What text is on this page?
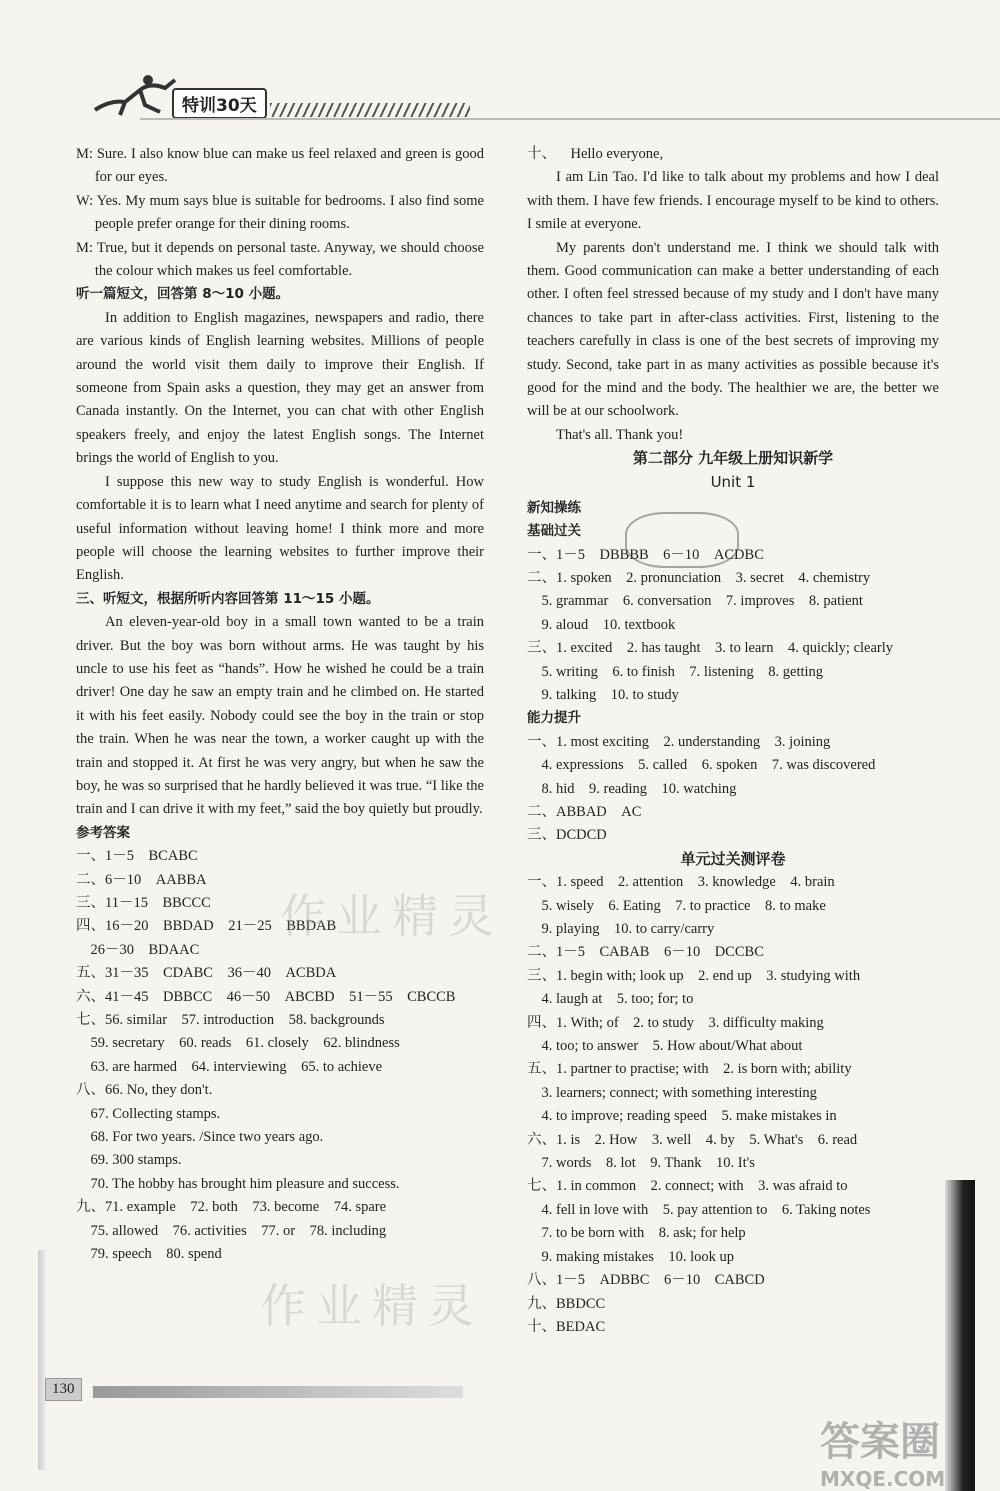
特训30天

M: Sure. I also know blue can make us feel relaxed and green is good for our eyes.

W: Yes. My mum says blue is suitable for bedrooms. I also find some people prefer orange for their dining rooms.

M: True, but it depends on personal taste. Anyway, we should choose the colour which makes us feel comfortable.

听一篇短文，回答第 8～10 小题。

In addition to English magazines, newspapers and radio, there are various kinds of English learning websites. Millions of people around the world visit them daily to improve their English. If someone from Spain asks a question, they may get an answer from Canada instantly. On the Internet, you can chat with other English speakers freely, and enjoy the latest English songs. The Internet brings the world of English to you.

I suppose this new way to study English is wonderful. How comfortable it is to learn what I need anytime and search for plenty of useful information without leaving home! I think more and more people will choose the learning websites to further improve their English.

三、听短文，根据所听内容回答第 11～15 小题。

An eleven-year-old boy in a small town wanted to be a train driver. But the boy was born without arms. He was taught by his uncle to use his feet as “hands”. How he wished he could be a train driver! One day he saw an empty train and he climbed on. He started it with his feet easily. Nobody could see the boy in the train or stop the train. When he was near the town, a worker caught up with the train and stopped it. At first he was very angry, but when he saw the boy, he was so surprised that he hardly believed it was true. “I like the train and I can drive it with my feet,” said the boy quietly but proudly.

参考答案

一、1－5　BCABC

二、6－10　AABBA

三、11－15　BBCCC

四、16－20　BBDAD　21－25　BBDAB

26－30　BDAAC

五、31－35　CDABC　36－40　ACBDA

六、41－45　DBBCC　46－50　ABCBD　51－55　CBCCB

七、56. similar　57. introduction　58. backgrounds

59. secretary　60. reads　61. closely　62. blindness

63. are harmed　64. interviewing　65. to achieve

八、66. No, they don't.

67. Collecting stamps.

68. For two years. /Since two years ago.

69. 300 stamps.

70. The hobby has brought him pleasure and success.

九、71. example　72. both　73. become　74. spare

75. allowed　76. activities　77. or　78. including

79. speech　80. spend

十、 Hello everyone,

I am Lin Tao. I'd like to talk about my problems and how I deal with them. I have few friends. I encourage myself to be kind to others. I smile at everyone.

My parents don't understand me. I think we should talk with them. Good communication can make a better understanding of each other. I often feel stressed because of my study and I don't have many chances to take part in after-class activities. First, listening to the teachers carefully in class is one of the best secrets of improving my study. Second, take part in as many activities as possible because it's good for the mind and the body. The healthier we are, the better we will be at our schoolwork.

That's all. Thank you!

第二部分 九年级上册知识新学

Unit 1

新知操练

基础过关

一、1－5　DBBBB　6－10　ACDBC

二、1. spoken　2. pronunciation　3. secret　4. chemistry

5. grammar　6. conversation　7. improves　8. patient

9. aloud　10. textbook

三、1. excited　2. has taught　3. to learn　4. quickly; clearly

5. writing　6. to finish　7. listening　8. getting

9. talking　10. to study

能力提升

一、1. most exciting　2. understanding　3. joining

4. expressions　5. called　6. spoken　7. was discovered

8. hid　9. reading　10. watching

二、ABBAD　AC

三、DCDCD

单元过关测评卷

一、1. speed　2. attention　3. knowledge　4. brain

5. wisely　6. Eating　7. to practice　8. to make

9. playing　10. to carry/carry

二、1－5　CABAB　6－10　DCCBC

三、1. begin with; look up　2. end up　3. studying with

4. laugh at　5. too; for; to

四、1. With; of　2. to study　3. difficulty making

4. too; to answer　5. How about/What about

五、1. partner to practise; with　2. is born with; ability

3. learners; connect; with something interesting

4. to improve; reading speed　5. make mistakes in

六、1. is　2. How　3. well　4. by　5. What's　6. read

7. words　8. lot　9. Thank　10. It's

七、1. in common　2. connect; with　3. was afraid to

4. fell in love with　5. pay attention to　6. Taking notes

7. to be born with　8. ask; for help

9. making mistakes　10. look up

八、1－5　ADBBC　6－10　CABCD

九、BBDCC

十、BEDAC

作业精灵
作业精灵
130
答案圈
MXQE.COM
